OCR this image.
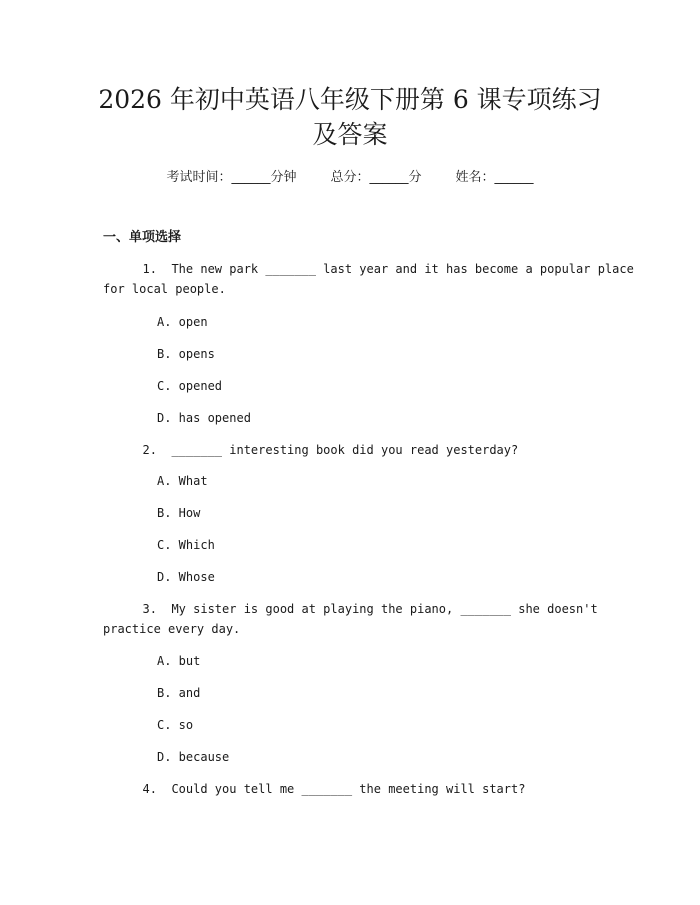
2026 年初中英语八年级下册第 6 课专项练习
及答案
考试时间：______分钟	总分：______分	姓名：______
一、单项选择
1. The new park _______ last year and it has become a popular place
for local people.
A. open
B. opens
C. opened
D. has opened
2. _______ interesting book did you read yesterday?
A. What
B. How
C. Which
D. Whose
3. My sister is good at playing the piano, _______ she doesn't
practice every day.
A. but
B. and
C. so
D. because
4. Could you tell me _______ the meeting will start?
